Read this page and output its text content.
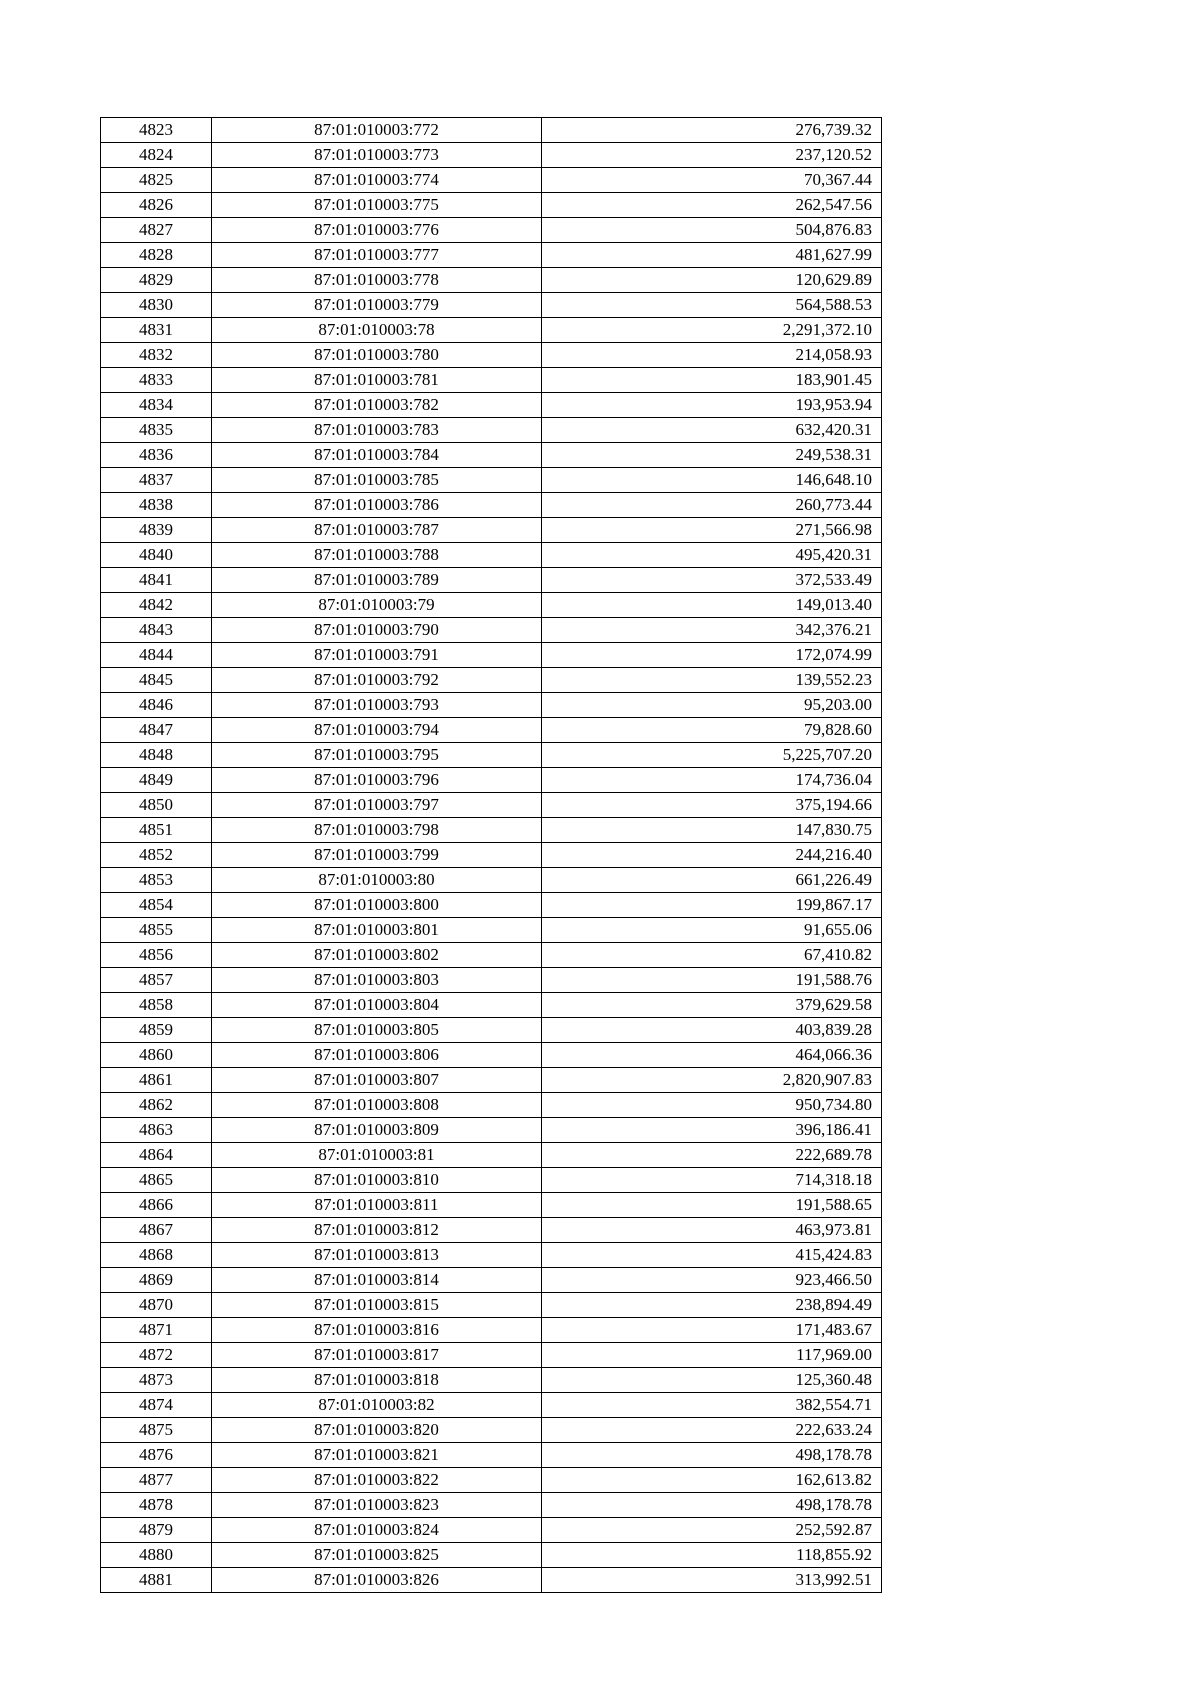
4823	87:01:010003:772	276,739.32
4824	87:01:010003:773	237,120.52
4825	87:01:010003:774	70,367.44
4826	87:01:010003:775	262,547.56
4827	87:01:010003:776	504,876.83
4828	87:01:010003:777	481,627.99
4829	87:01:010003:778	120,629.89
4830	87:01:010003:779	564,588.53
4831	87:01:010003:78	2,291,372.10
4832	87:01:010003:780	214,058.93
4833	87:01:010003:781	183,901.45
4834	87:01:010003:782	193,953.94
4835	87:01:010003:783	632,420.31
4836	87:01:010003:784	249,538.31
4837	87:01:010003:785	146,648.10
4838	87:01:010003:786	260,773.44
4839	87:01:010003:787	271,566.98
4840	87:01:010003:788	495,420.31
4841	87:01:010003:789	372,533.49
4842	87:01:010003:79	149,013.40
4843	87:01:010003:790	342,376.21
4844	87:01:010003:791	172,074.99
4845	87:01:010003:792	139,552.23
4846	87:01:010003:793	95,203.00
4847	87:01:010003:794	79,828.60
4848	87:01:010003:795	5,225,707.20
4849	87:01:010003:796	174,736.04
4850	87:01:010003:797	375,194.66
4851	87:01:010003:798	147,830.75
4852	87:01:010003:799	244,216.40
4853	87:01:010003:80	661,226.49
4854	87:01:010003:800	199,867.17
4855	87:01:010003:801	91,655.06
4856	87:01:010003:802	67,410.82
4857	87:01:010003:803	191,588.76
4858	87:01:010003:804	379,629.58
4859	87:01:010003:805	403,839.28
4860	87:01:010003:806	464,066.36
4861	87:01:010003:807	2,820,907.83
4862	87:01:010003:808	950,734.80
4863	87:01:010003:809	396,186.41
4864	87:01:010003:81	222,689.78
4865	87:01:010003:810	714,318.18
4866	87:01:010003:811	191,588.65
4867	87:01:010003:812	463,973.81
4868	87:01:010003:813	415,424.83
4869	87:01:010003:814	923,466.50
4870	87:01:010003:815	238,894.49
4871	87:01:010003:816	171,483.67
4872	87:01:010003:817	117,969.00
4873	87:01:010003:818	125,360.48
4874	87:01:010003:82	382,554.71
4875	87:01:010003:820	222,633.24
4876	87:01:010003:821	498,178.78
4877	87:01:010003:822	162,613.82
4878	87:01:010003:823	498,178.78
4879	87:01:010003:824	252,592.87
4880	87:01:010003:825	118,855.92
4881	87:01:010003:826	313,992.51
